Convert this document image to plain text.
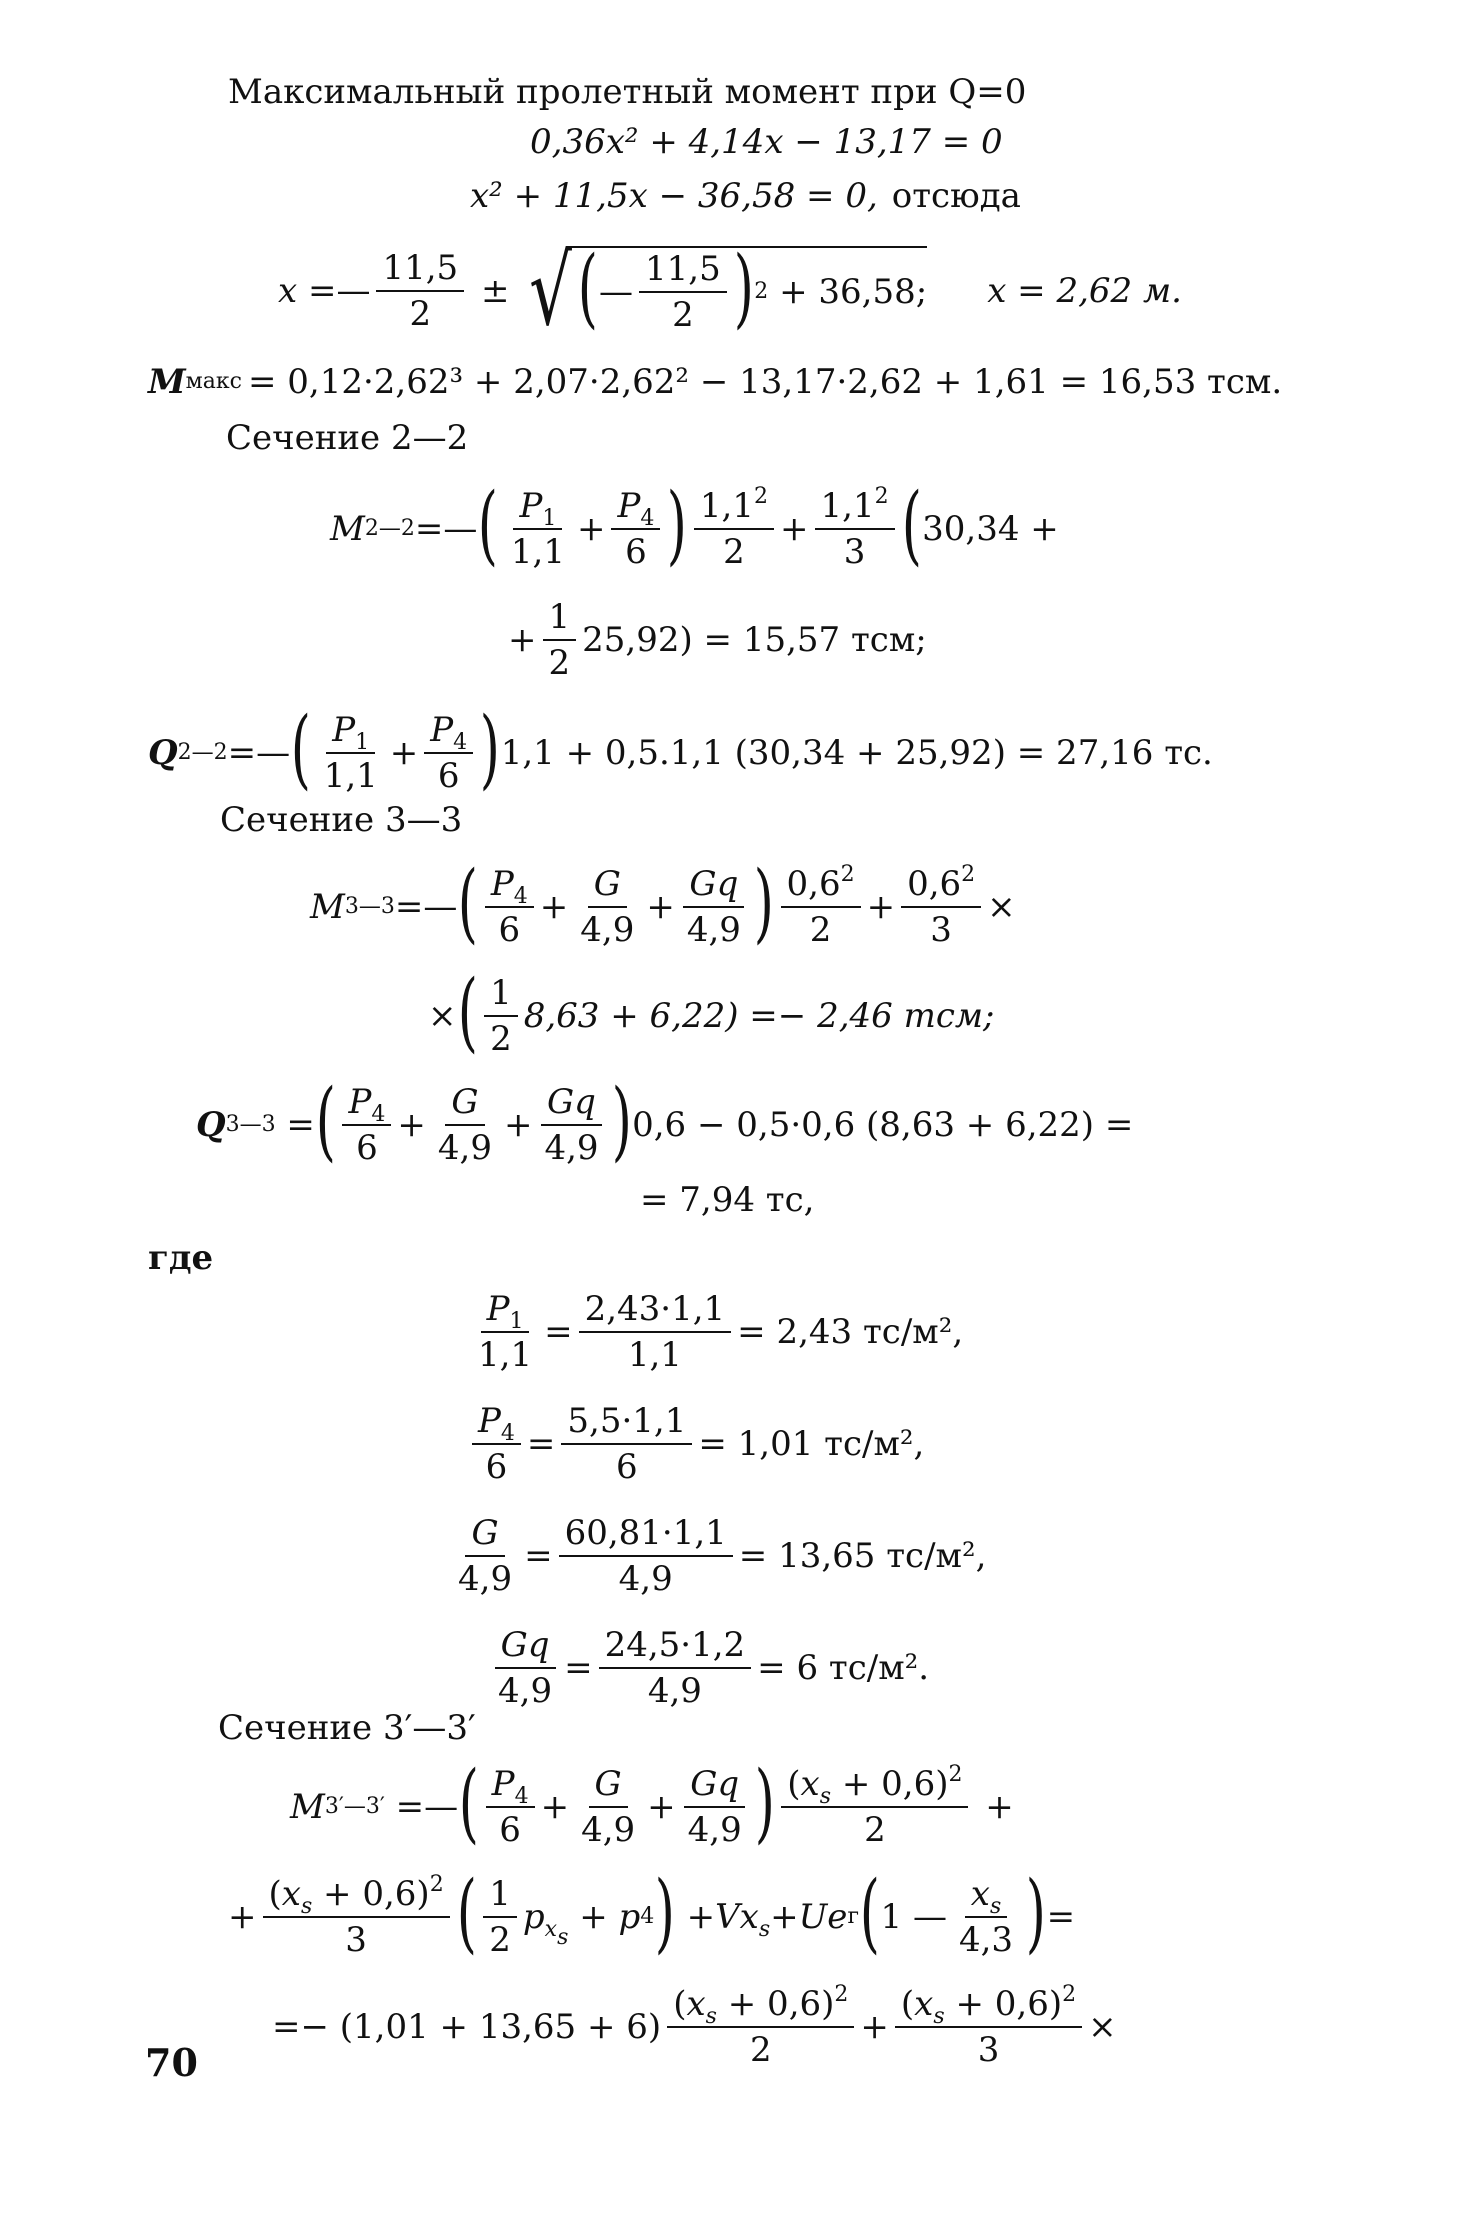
Максимальный пролетный момент при Q=0
0,36x² + 4,14x − 13,17 = 0
x² + 11,5x − 36,58 = 0, отсюда
x =— $\frac{11,5}{2}$ ± √ ( — $\frac{11,5}{2}$ ) 2 + 36,58; x = 2,62 м.
M макс = 0,12·2,62³ + 2,07·2,62² − 13,17·2,62 + 1,61 = 16,53 тсм.
Сечение 2—2
M 2—2 =— ( $\frac{P_1}{1,1} + \frac{P_4}{6}$ ) $\frac{1,1^2}{2} + \frac{1,1^2}{3}$ ( 30,34 +
+ $\frac{1}{2} 25,92) = 15,57$ тсм;
Q 2—2 =— ( $\frac{P_1}{1,1} + \frac{P_4}{6}$ ) 1,1 + 0,5.1,1 (30,34 + 25,92) = 27,16 тс.
Сечение 3—3
M 3—3 =— ( $\frac{P_4}{6} + \frac{G}{4,9} + \frac{Gq}{4,9}$ ) $\frac{0,6^2}{2} + \frac{0,6^2}{3}$ ×
× ( $\frac{1}{2} 8,63 + 6,22) =- 2,46$ тсм;
Q 3—3 = ( $\frac{P_4}{6} + \frac{G}{4,9} + \frac{Gq}{4,9}$ ) 0,6 − 0,5·0,6 (8,63 + 6,22) =
= 7,94 тс,
где
$\frac{P_1}{1,1} = \frac{2,43\cdot 1,1}{1,1} = 2,43$ тс/м²,
$\frac{P_4}{6} = \frac{5,5\cdot 1,1}{6} = 1,01$ тс/м²,
$\frac{G}{4,9} = \frac{60,81\cdot 1,1}{4,9} = 13,65$ тс/м²,
$\frac{Gq}{4,9} = \frac{24,5\cdot 1,2}{4,9} = 6$ тс/м².
Сечение 3′—3′
M 3′—3′ =— ( $\frac{P_4}{6} + \frac{G}{4,9} + \frac{Gq}{4,9}$ ) $\frac{(x_s + 0,6)^2}{2}$ +
+ $\frac{(x_s + 0,6)^2}{3}$ ( $\frac{1}{2} p_{x_s} + p$ 4 ) + $Vx_s + Ue$ г ( 1 — $\frac{x_s}{4,3}$ ) =
=− $(1,01 + 13,65 + 6) \frac{(x_s + 0,6)^2}{2} + \frac{(x_s + 0,6)^2}{3}$ ×
70
